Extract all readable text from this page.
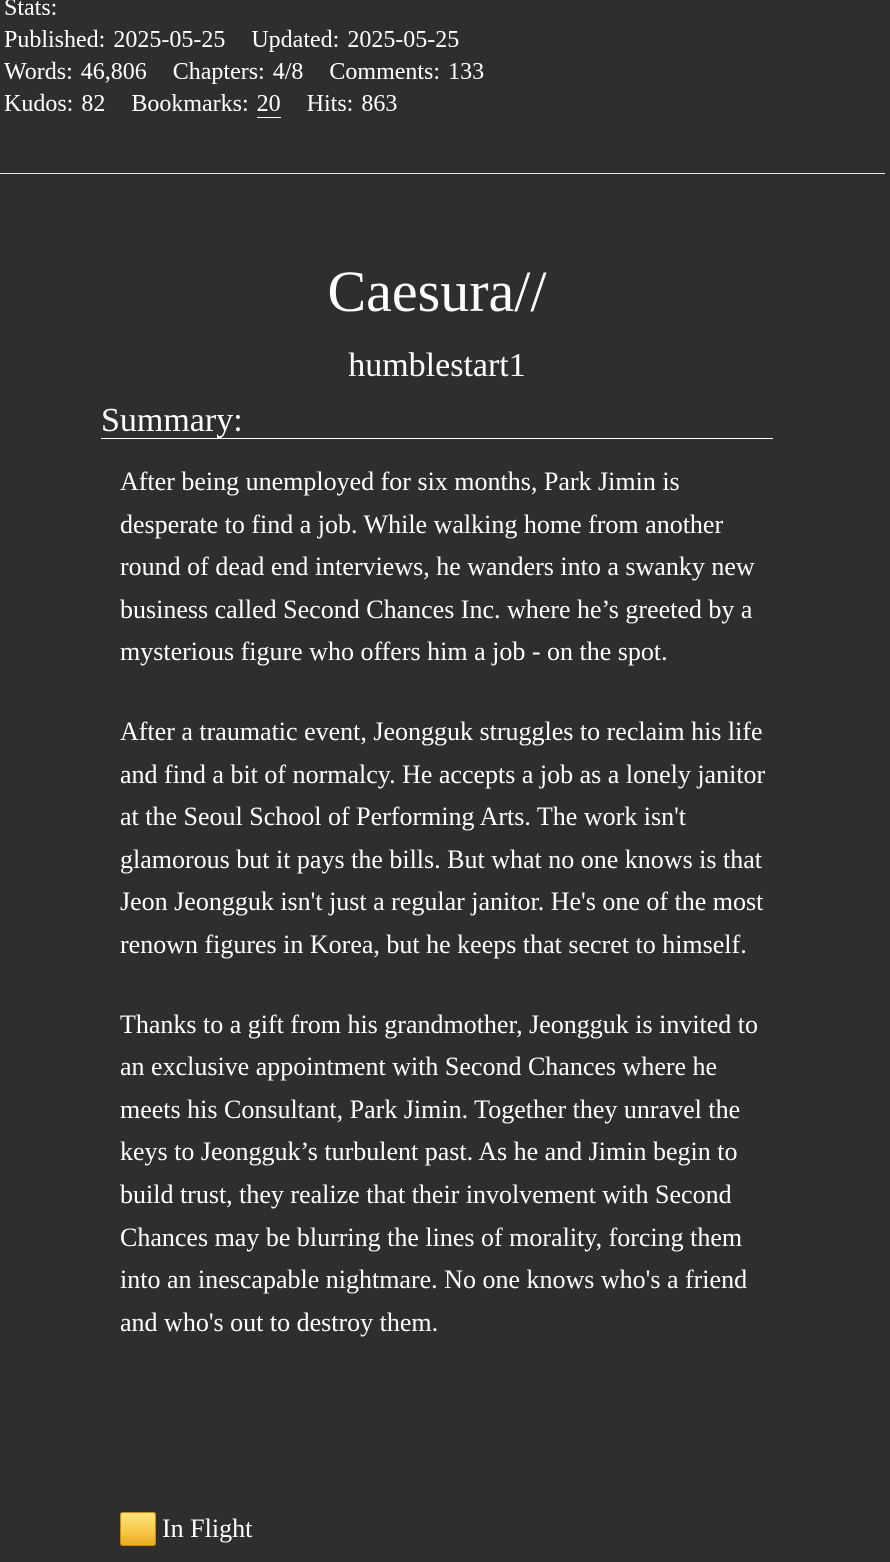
Stats:
Published: 2025-05-25 Updated: 2025-05-25
Words: 46,806 Chapters: 4/8 Comments: 133
Kudos: 82 Bookmarks: 20 Hits: 863
Caesura//
humblestart1
Summary:

After being unemployed for six months, Park Jimin is desperate to find a job. While walking home from another round of dead end interviews, he wanders into a swanky new business called Second Chances Inc. where he’s greeted by a mysterious figure who offers him a job - on the spot.

After a traumatic event, Jeongguk struggles to reclaim his life and find a bit of normalcy. He accepts a job as a lonely janitor at the Seoul School of Performing Arts. The work isn't glamorous but it pays the bills. But what no one knows is that Jeon Jeongguk isn't just a regular janitor. He's one of the most renown figures in Korea, but he keeps that secret to himself.

Thanks to a gift from his grandmother, Jeongguk is invited to an exclusive appointment with Second Chances where he meets his Consultant, Park Jimin. Together they unravel the keys to Jeongguk’s turbulent past. As he and Jimin begin to build trust, they realize that their involvement with Second Chances may be blurring the lines of morality, forcing them into an inescapable nightmare. No one knows who's a friend and who's out to destroy them.

In Flight
